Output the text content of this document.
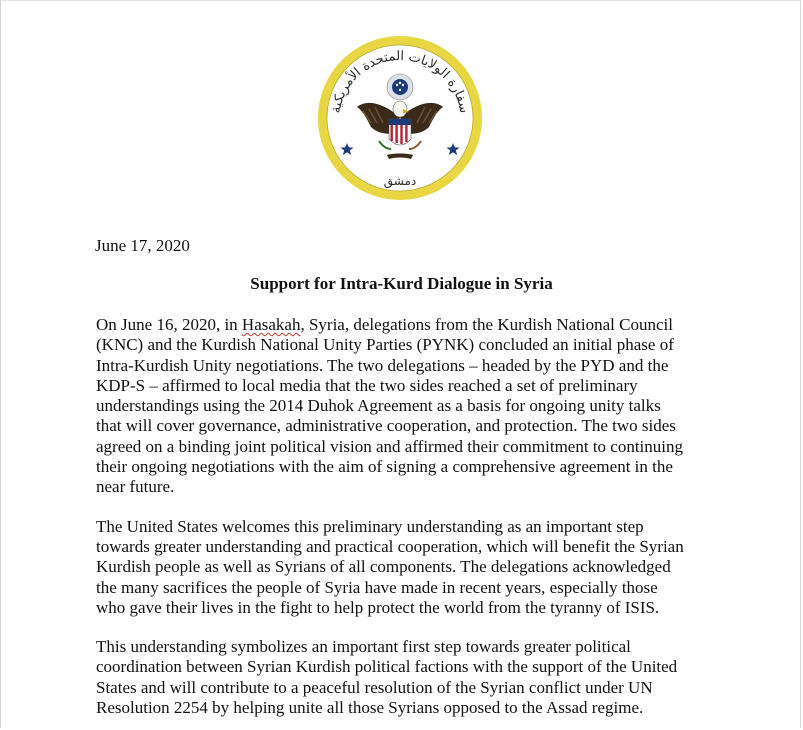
سفارة الولايات المتحدة الأمريكية
دمشق
June 17, 2020
Support for Intra-Kurd Dialogue in Syria

On June 16, 2020, in Hasakah, Syria, delegations from the Kurdish National Council
(KNC) and the Kurdish National Unity Parties (PYNK) concluded an initial phase of
Intra-Kurdish Unity negotiations. The two delegations – headed by the PYD and the
KDP-S – affirmed to local media that the two sides reached a set of preliminary
understandings using the 2014 Duhok Agreement as a basis for ongoing unity talks
that will cover governance, administrative cooperation, and protection. The two sides
agreed on a binding joint political vision and affirmed their commitment to continuing
their ongoing negotiations with the aim of signing a comprehensive agreement in the
near future.

The United States welcomes this preliminary understanding as an important step
towards greater understanding and practical cooperation, which will benefit the Syrian
Kurdish people as well as Syrians of all components. The delegations acknowledged
the many sacrifices the people of Syria have made in recent years, especially those
who gave their lives in the fight to help protect the world from the tyranny of ISIS.

This understanding symbolizes an important first step towards greater political
coordination between Syrian Kurdish political factions with the support of the United
States and will contribute to a peaceful resolution of the Syrian conflict under UN
Resolution 2254 by helping unite all those Syrians opposed to the Assad regime.
